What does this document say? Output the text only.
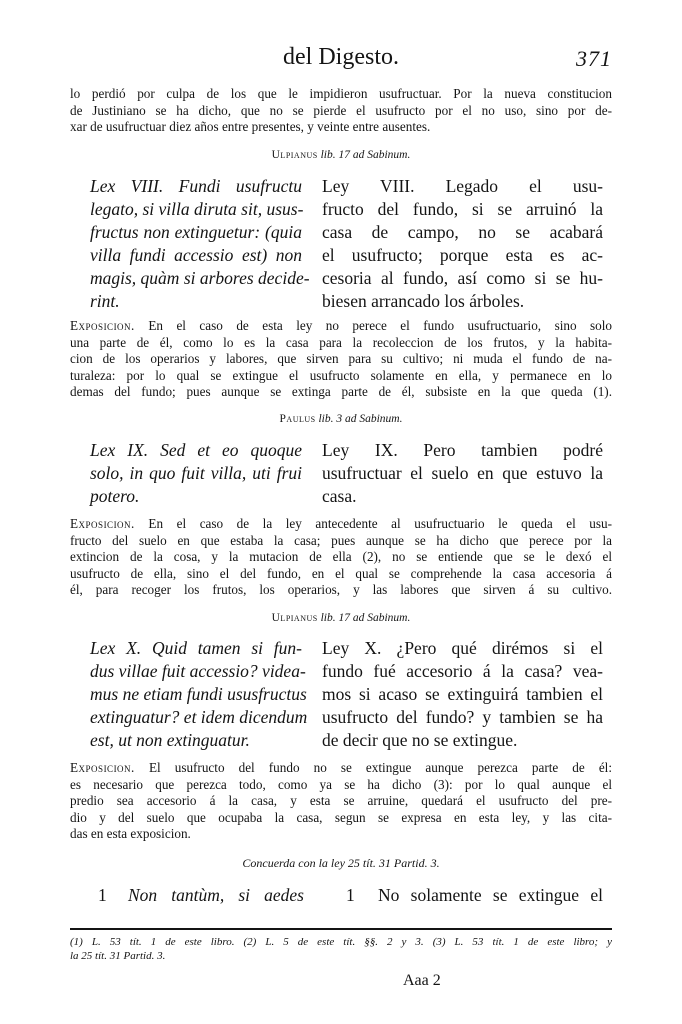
del Digesto.	371
lo perdió por culpa de los que le impidieron usufructuar. Por la nueva constitucion
de Justiniano se ha dicho, que no se pierde el usufructo por el no uso, sino por de-
xar de usufructuar diez años entre presentes, y veinte entre ausentes.
Ulpianus lib. 17 ad Sabinum.
Lex VIII. Fundi usufructu
legato, si villa diruta sit, usus-
fructus non extinguetur: (quia
villa fundi accessio est) non
magis, quàm si arbores decide-
rint.
Ley VIII. Legado el usu-
fructo del fundo, si se arruinó la
casa de campo, no se acabará
el usufructo; porque esta es ac-
cesoria al fundo, así como si se hu-
biesen arrancado los árboles.
Exposicion. En el caso de esta ley no perece el fundo usufructuario, sino solo
una parte de él, como lo es la casa para la recoleccion de los frutos, y la habita-
cion de los operarios y labores, que sirven para su cultivo; ni muda el fundo de na-
turaleza: por lo qual se extingue el usufructo solamente en ella, y permanece en lo
demas del fundo; pues aunque se extinga parte de él, subsiste en la que queda (1).
Paulus lib. 3 ad Sabinum.
Lex IX. Sed et eo quoque
solo, in quo fuit villa, uti frui
potero.
Ley IX. Pero tambien podré
usufructuar el suelo en que estuvo la
casa.
Exposicion. En el caso de la ley antecedente al usufructuario le queda el usu-
fructo del suelo en que estaba la casa; pues aunque se ha dicho que perece por la
extincion de la cosa, y la mutacion de ella (2), no se entiende que se le dexó el
usufructo de ella, sino el del fundo, en el qual se comprehende la casa accesoria á
él, para recoger los frutos, los operarios, y las labores que sirven á su cultivo.
Ulpianus lib. 17 ad Sabinum.
Lex X. Quid tamen si fun-
dus villae fuit accessio? videa-
mus ne etiam fundi ususfructus
extinguatur? et idem dicendum
est, ut non extinguatur.
Ley X. ¿Pero qué dirémos si el
fundo fué accesorio á la casa? vea-
mos si acaso se extinguirá tambien el
usufructo del fundo? y tambien se ha
de decir que no se extingue.
Exposicion. El usufructo del fundo no se extingue aunque perezca parte de él:
es necesario que perezca todo, como ya se ha dicho (3): por lo qual aunque el
predio sea accesorio á la casa, y esta se arruine, quedará el usufructo del pre-
dio y del suelo que ocupaba la casa, segun se expresa en esta ley, y las cita-
das en esta exposicion.
Concuerda con la ley 25 tít. 31 Partid. 3.
1 Non tantùm, si aedes 1 No solamente se extingue el
(1) L. 53 tít. 1 de este libro. (2) L. 5 de este tít. §§. 2 y 3. (3) L. 53 tít. 1 de este libro; y
la 25 tít. 31 Partid. 3.
Aaa 2
